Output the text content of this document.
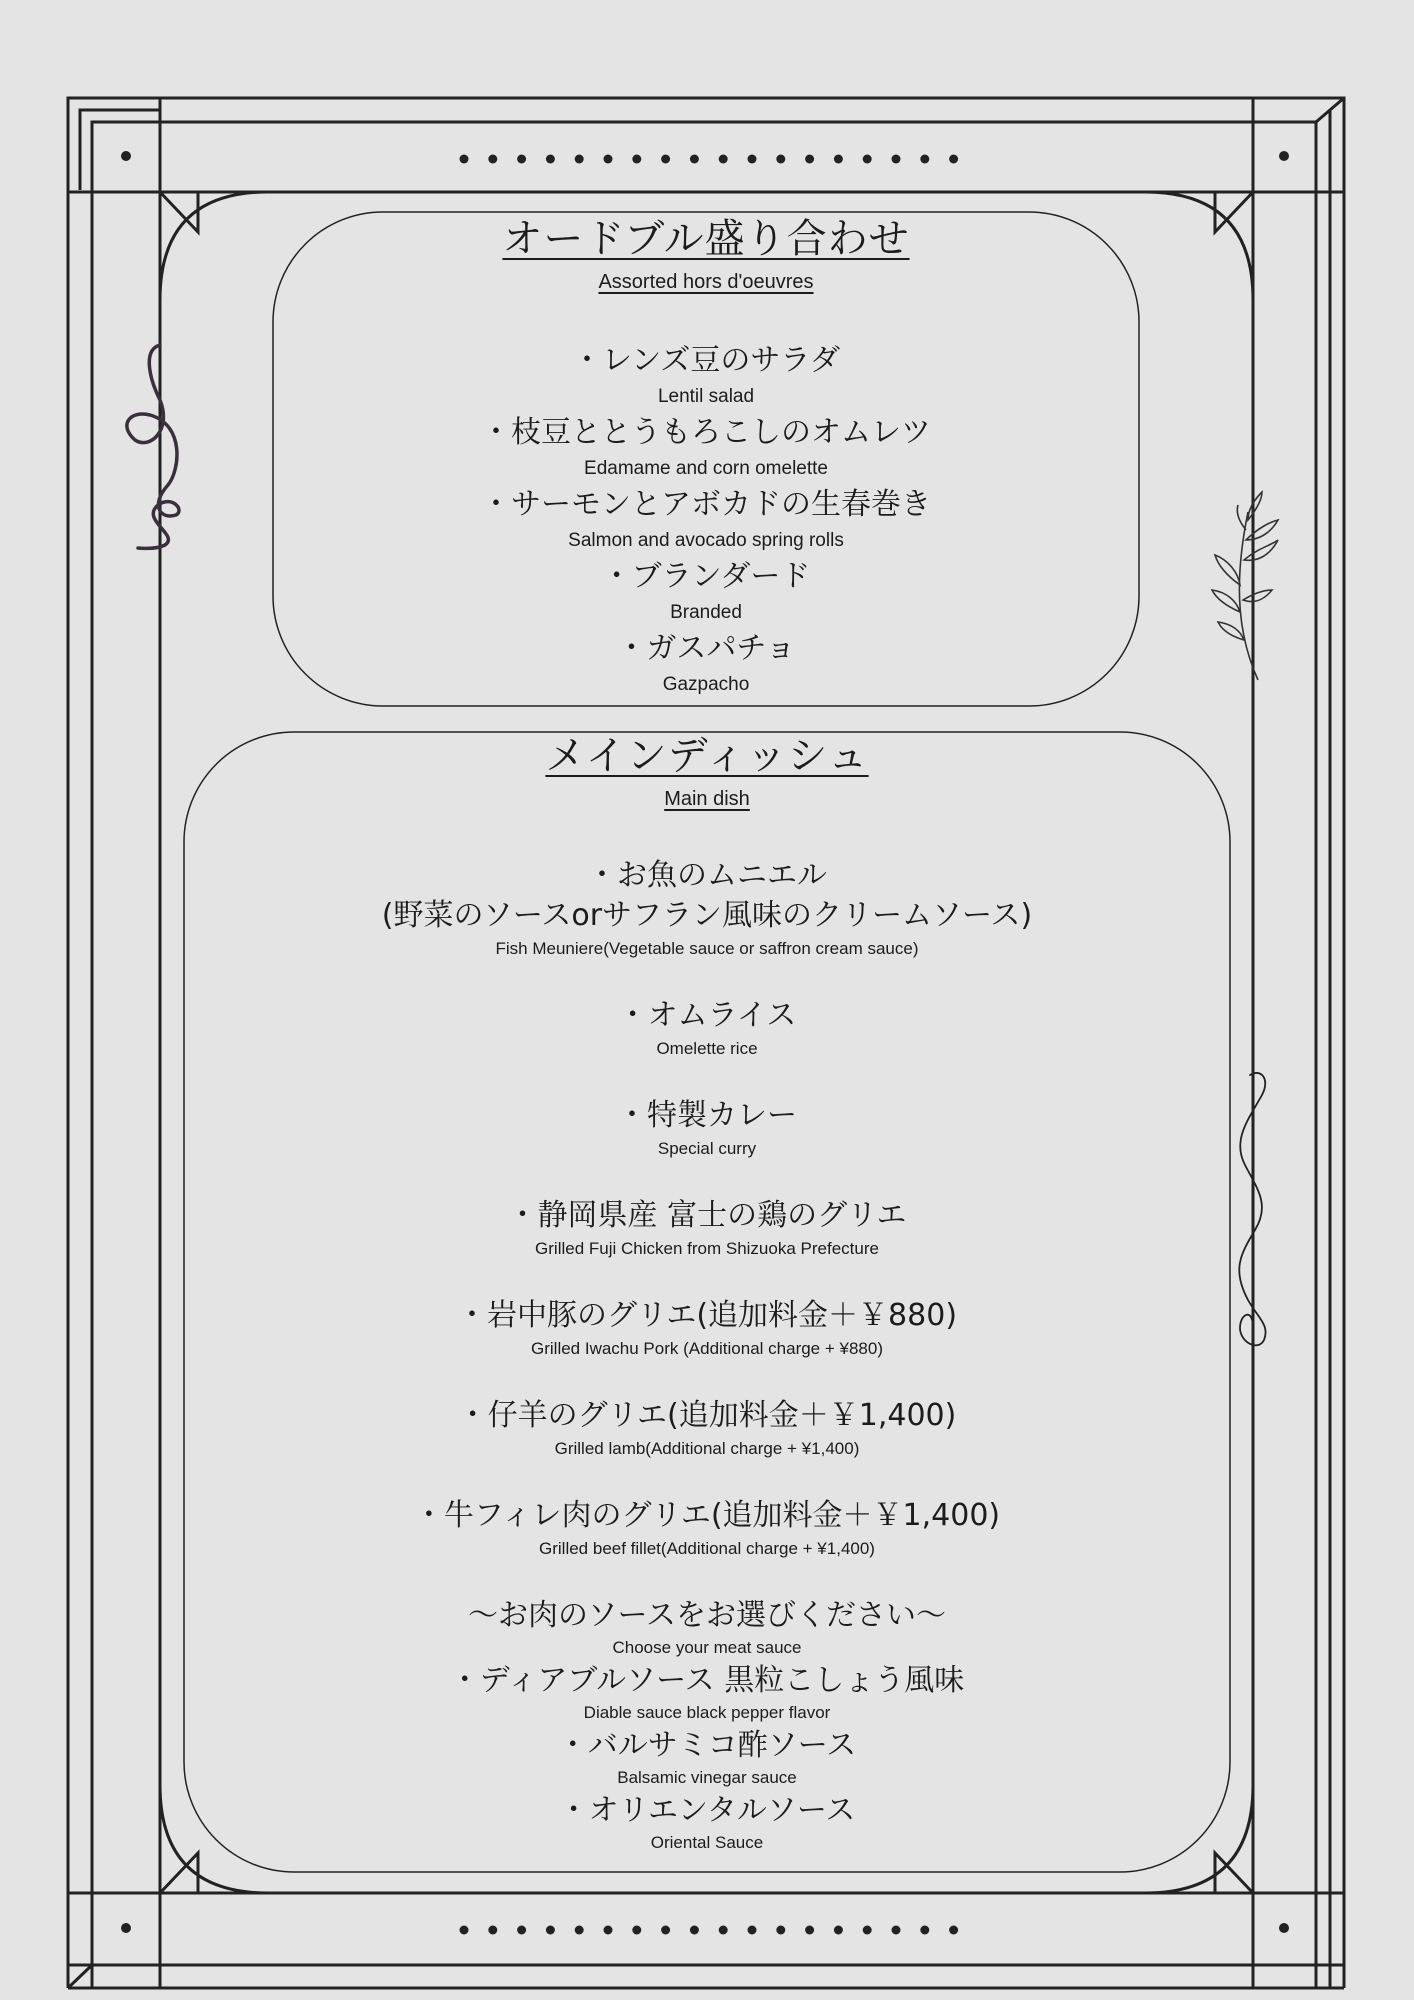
オードブル盛り合わせ
Assorted hors d'oeuvres
・レンズ豆のサラダ
Lentil salad
・枝豆ととうもろこしのオムレツ
Edamame and corn omelette
・サーモンとアボカドの生春巻き
Salmon and avocado spring rolls
・ブランダード
Branded
・ガスパチョ
Gazpacho
メインディッシュ
Main dish
・お魚のムニエル
(野菜のソースorサフラン風味のクリームソース)
Fish Meuniere(Vegetable sauce or saffron cream sauce)
・オムライス
Omelette rice
・特製カレー
Special curry
・静岡県産 富士の鶏のグリエ
Grilled Fuji Chicken from Shizuoka Prefecture
・岩中豚のグリエ(追加料金＋￥880)
Grilled Iwachu Pork (Additional charge + ¥880)
・仔羊のグリエ(追加料金＋￥1,400)
Grilled lamb(Additional charge + ¥1,400)
・牛フィレ肉のグリエ(追加料金＋￥1,400)
Grilled beef fillet(Additional charge + ¥1,400)
〜お肉のソースをお選びください〜
Choose your meat sauce
・ディアブルソース 黒粒こしょう風味
Diable sauce black pepper flavor
・バルサミコ酢ソース
Balsamic vinegar sauce
・オリエンタルソース
Oriental Sauce
